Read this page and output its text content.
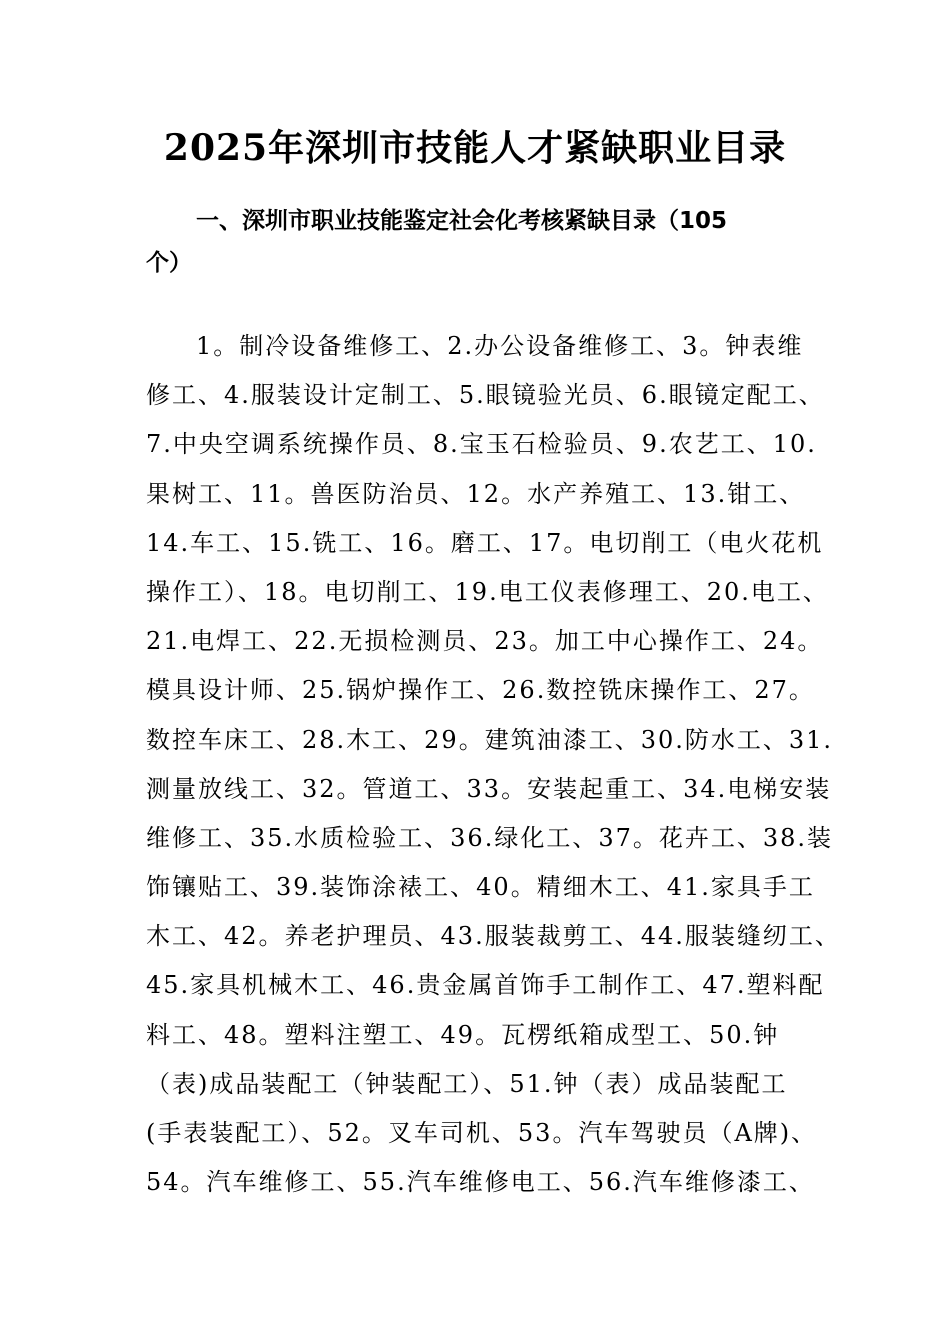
2025年深圳市技能人才紧缺职业目录
一、深圳市职业技能鉴定社会化考核紧缺目录（105
个）
1。制冷设备维修工、2.办公设备维修工、3。钟表维
修工、4.服装设计定制工、5.眼镜验光员、6.眼镜定配工、
7.中央空调系统操作员、8.宝玉石检验员、9.农艺工、10.
果树工、11。兽医防治员、12。水产养殖工、13.钳工、
14.车工、15.铣工、16。磨工、17。电切削工（电火花机
操作工）、18。电切削工、19.电工仪表修理工、20.电工、
21.电焊工、22.无损检测员、23。加工中心操作工、24。
模具设计师、25.锅炉操作工、26.数控铣床操作工、27。
数控车床工、28.木工、29。建筑油漆工、30.防水工、31.
测量放线工、32。管道工、33。安装起重工、34.电梯安装
维修工、35.水质检验工、36.绿化工、37。花卉工、38.装
饰镶贴工、39.装饰涂裱工、40。精细木工、41.家具手工
木工、42。养老护理员、43.服装裁剪工、44.服装缝纫工、
45.家具机械木工、46.贵金属首饰手工制作工、47.塑料配
料工、48。塑料注塑工、49。瓦楞纸箱成型工、50.钟
（表)成品装配工（钟装配工）、51.钟（表）成品装配工
(手表装配工）、52。叉车司机、53。汽车驾驶员（A牌)、
54。汽车维修工、55.汽车维修电工、56.汽车维修漆工、
